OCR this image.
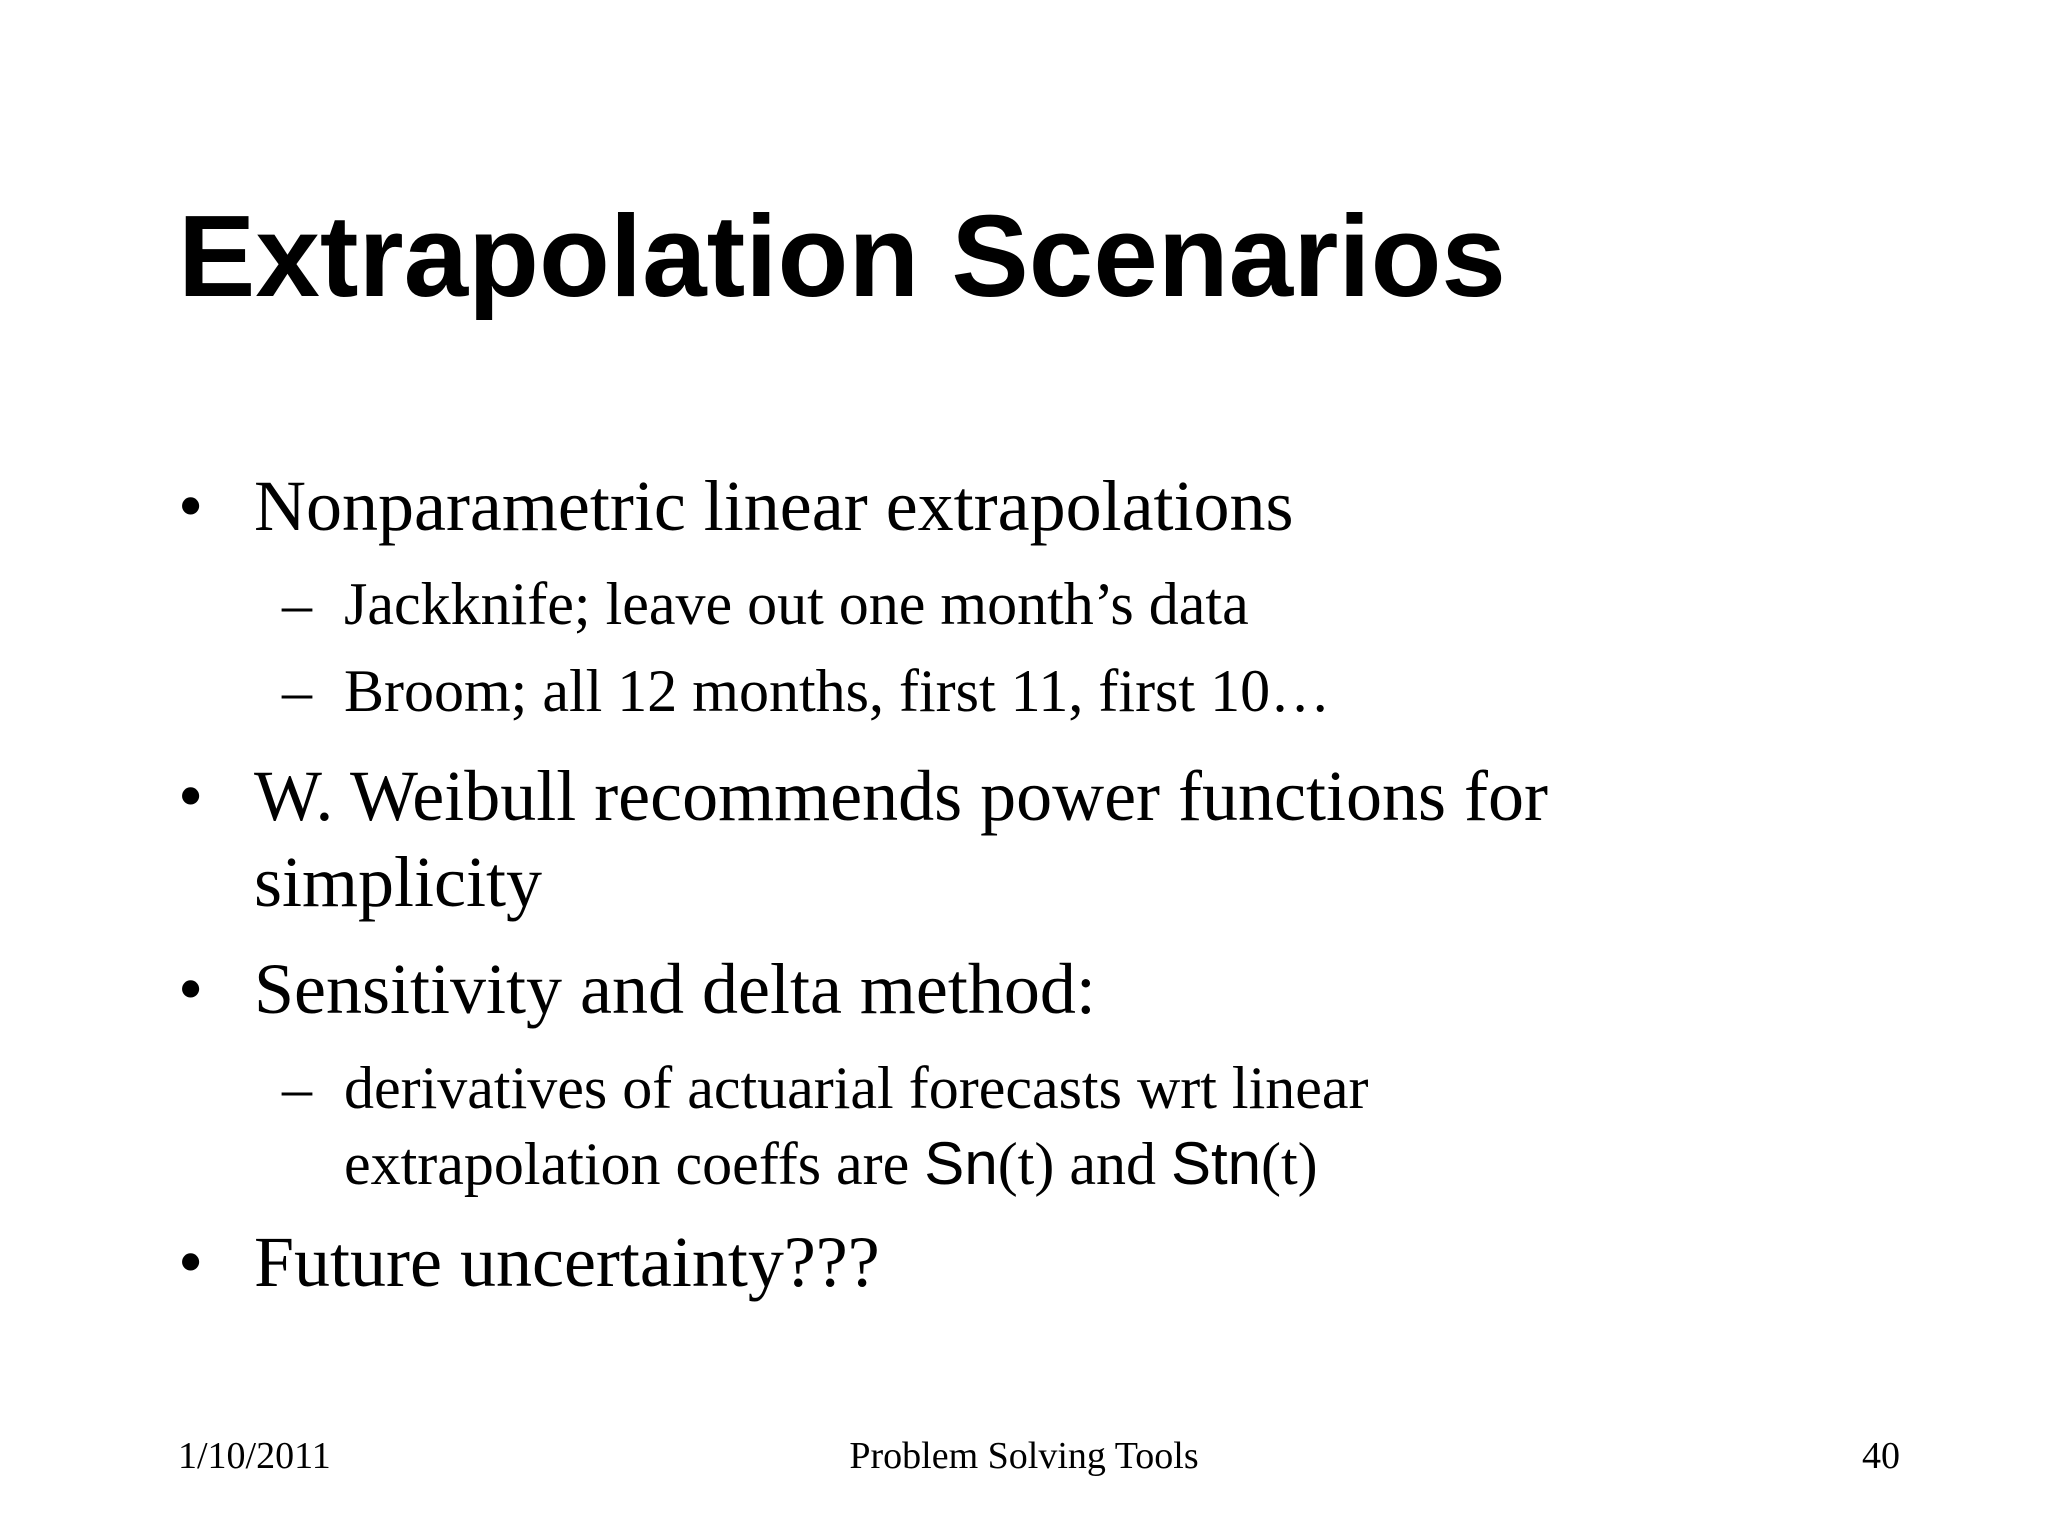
Extrapolation Scenarios
• Nonparametric linear extrapolations
– Jackknife; leave out one month’s data
– Broom; all 12 months, first 11, first 10…
• W. Weibull recommends power functions for
simplicity
• Sensitivity and delta method:
– derivatives of actuarial forecasts wrt linear
extrapolation coeffs are Sn(t) and Stn(t)
• Future uncertainty???
1/10/2011	Problem Solving Tools	40
